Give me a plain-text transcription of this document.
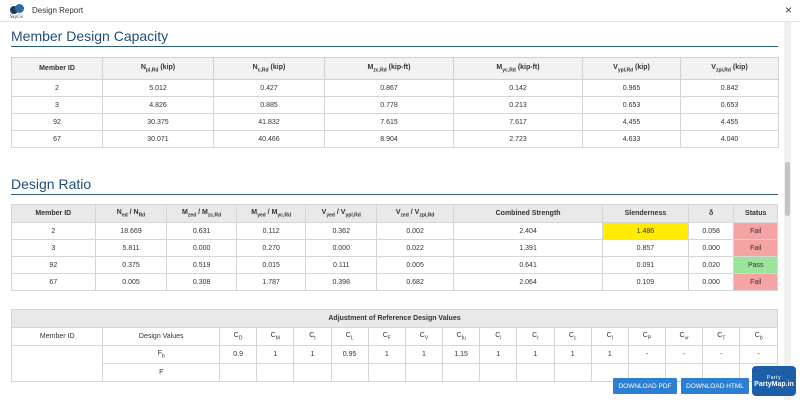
SkyCiv
Design Report	×
Member Design Capacity
Member ID	$N_{pl,Rd}$ (kip)	$N_{c,Rd}$ (kip)	$M_{zc,Rd}$ (kip-ft)	$M_{yc,Rd}$ (kip-ft)	$V_{ypl,Rd}$ (kip)	$V_{zpl,Rd}$ (kip)
2	5.012	0.427	0.867	0.142	0.965	0.842
3	4.826	0.885	0.778	0.213	0.653	0.653
92	30.375	41.832	7.615	7.617	4.455	4.455
67	30.071	40.466	8.904	2.723	4.633	4.040
Design Ratio
Member ID	$N_{ed} / N_{Rd}$	$M_{zed} / M_{zc,Rd}$	$M_{yed} / M_{yc,Rd}$	$V_{yed} / V_{ypl,Rd}$	$V_{zed} / V_{zpl,Rd}$	Combined Strength	Slenderness	δ	Status
2	18.669	0.631	0.112	0.362	0.002	2.404	1.486	0.058	Fail
3	5.811	0.000	0.270	0.000	0.022	1.391	0.857	0.000	Fail
92	0.375	0.519	0.015	0.111	0.005	0.641	0.091	0.020	Pass
67	0.005	0.308	1.787	0.398	0.682	2.064	0.109	0.000	Fail
Adjustment of Reference Design Values																
Member ID	Design Values	$C_D$	$C_M$	$C_t$	$C_L$	$C_F$	$C_V$	$C_{fu}$	$C_i$	$C_r$	$C_c$	$C_I$	$C_P$	$C_{vr}$	$C_T$	$C_b$
	$F_b$	0.9	1	1	0.95	1	1	1.15	1	1	1	1	-	-	-	-
	F															
DOWNLOAD PDF	DOWNLOAD HTML
Party
PartyMap.in
